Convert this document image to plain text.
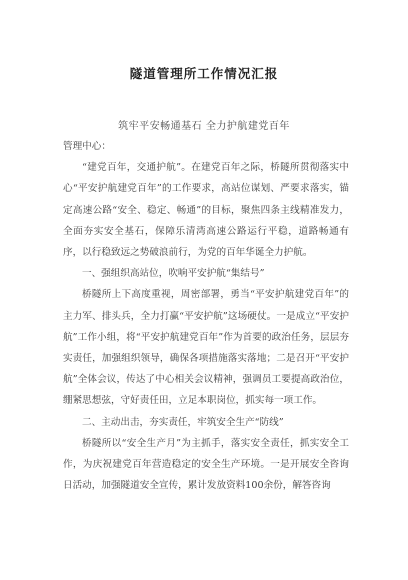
隧道管理所工作情况汇报
筑牢平安畅通基石 全力护航建党百年

管理中心：

“建党百年，交通护航”。在建党百年之际，桥隧所贯彻落实中心“平安护航建党百年”的工作要求，高站位谋划、严要求落实，锚定高速公路“安全、稳定、畅通”的目标，聚焦四条主线精准发力，全面夯实安全基石，保障乐清湾高速公路运行平稳，道路畅通有序，以行稳致远之势破浪前行，为党的百年华诞全力护航。

一、强组织高站位，吹响平安护航“集结号”

桥隧所上下高度重视，周密部署，勇当“平安护航建党百年”的主力军、排头兵，全力打赢“平安护航”这场硬仗。一是成立“平安护航”工作小组，将“平安护航建党百年”作为首要的政治任务，层层夯实责任，加强组织领导，确保各项措施落实落地；二是召开“平安护航”全体会议，传达了中心相关会议精神，强调员工要提高政治位，绷紧思想弦，守好责任田，立足本职岗位，抓实每一项工作。

二、主动出击，夯实责任，牢筑安全生产“防线”

桥隧所以“安全生产月”为主抓手，落实安全责任，抓实安全工作，为庆祝建党百年营造稳定的安全生产环境。一是开展安全咨询日活动，加强隧道安全宣传，累计发放资料100余份，解答咨询
